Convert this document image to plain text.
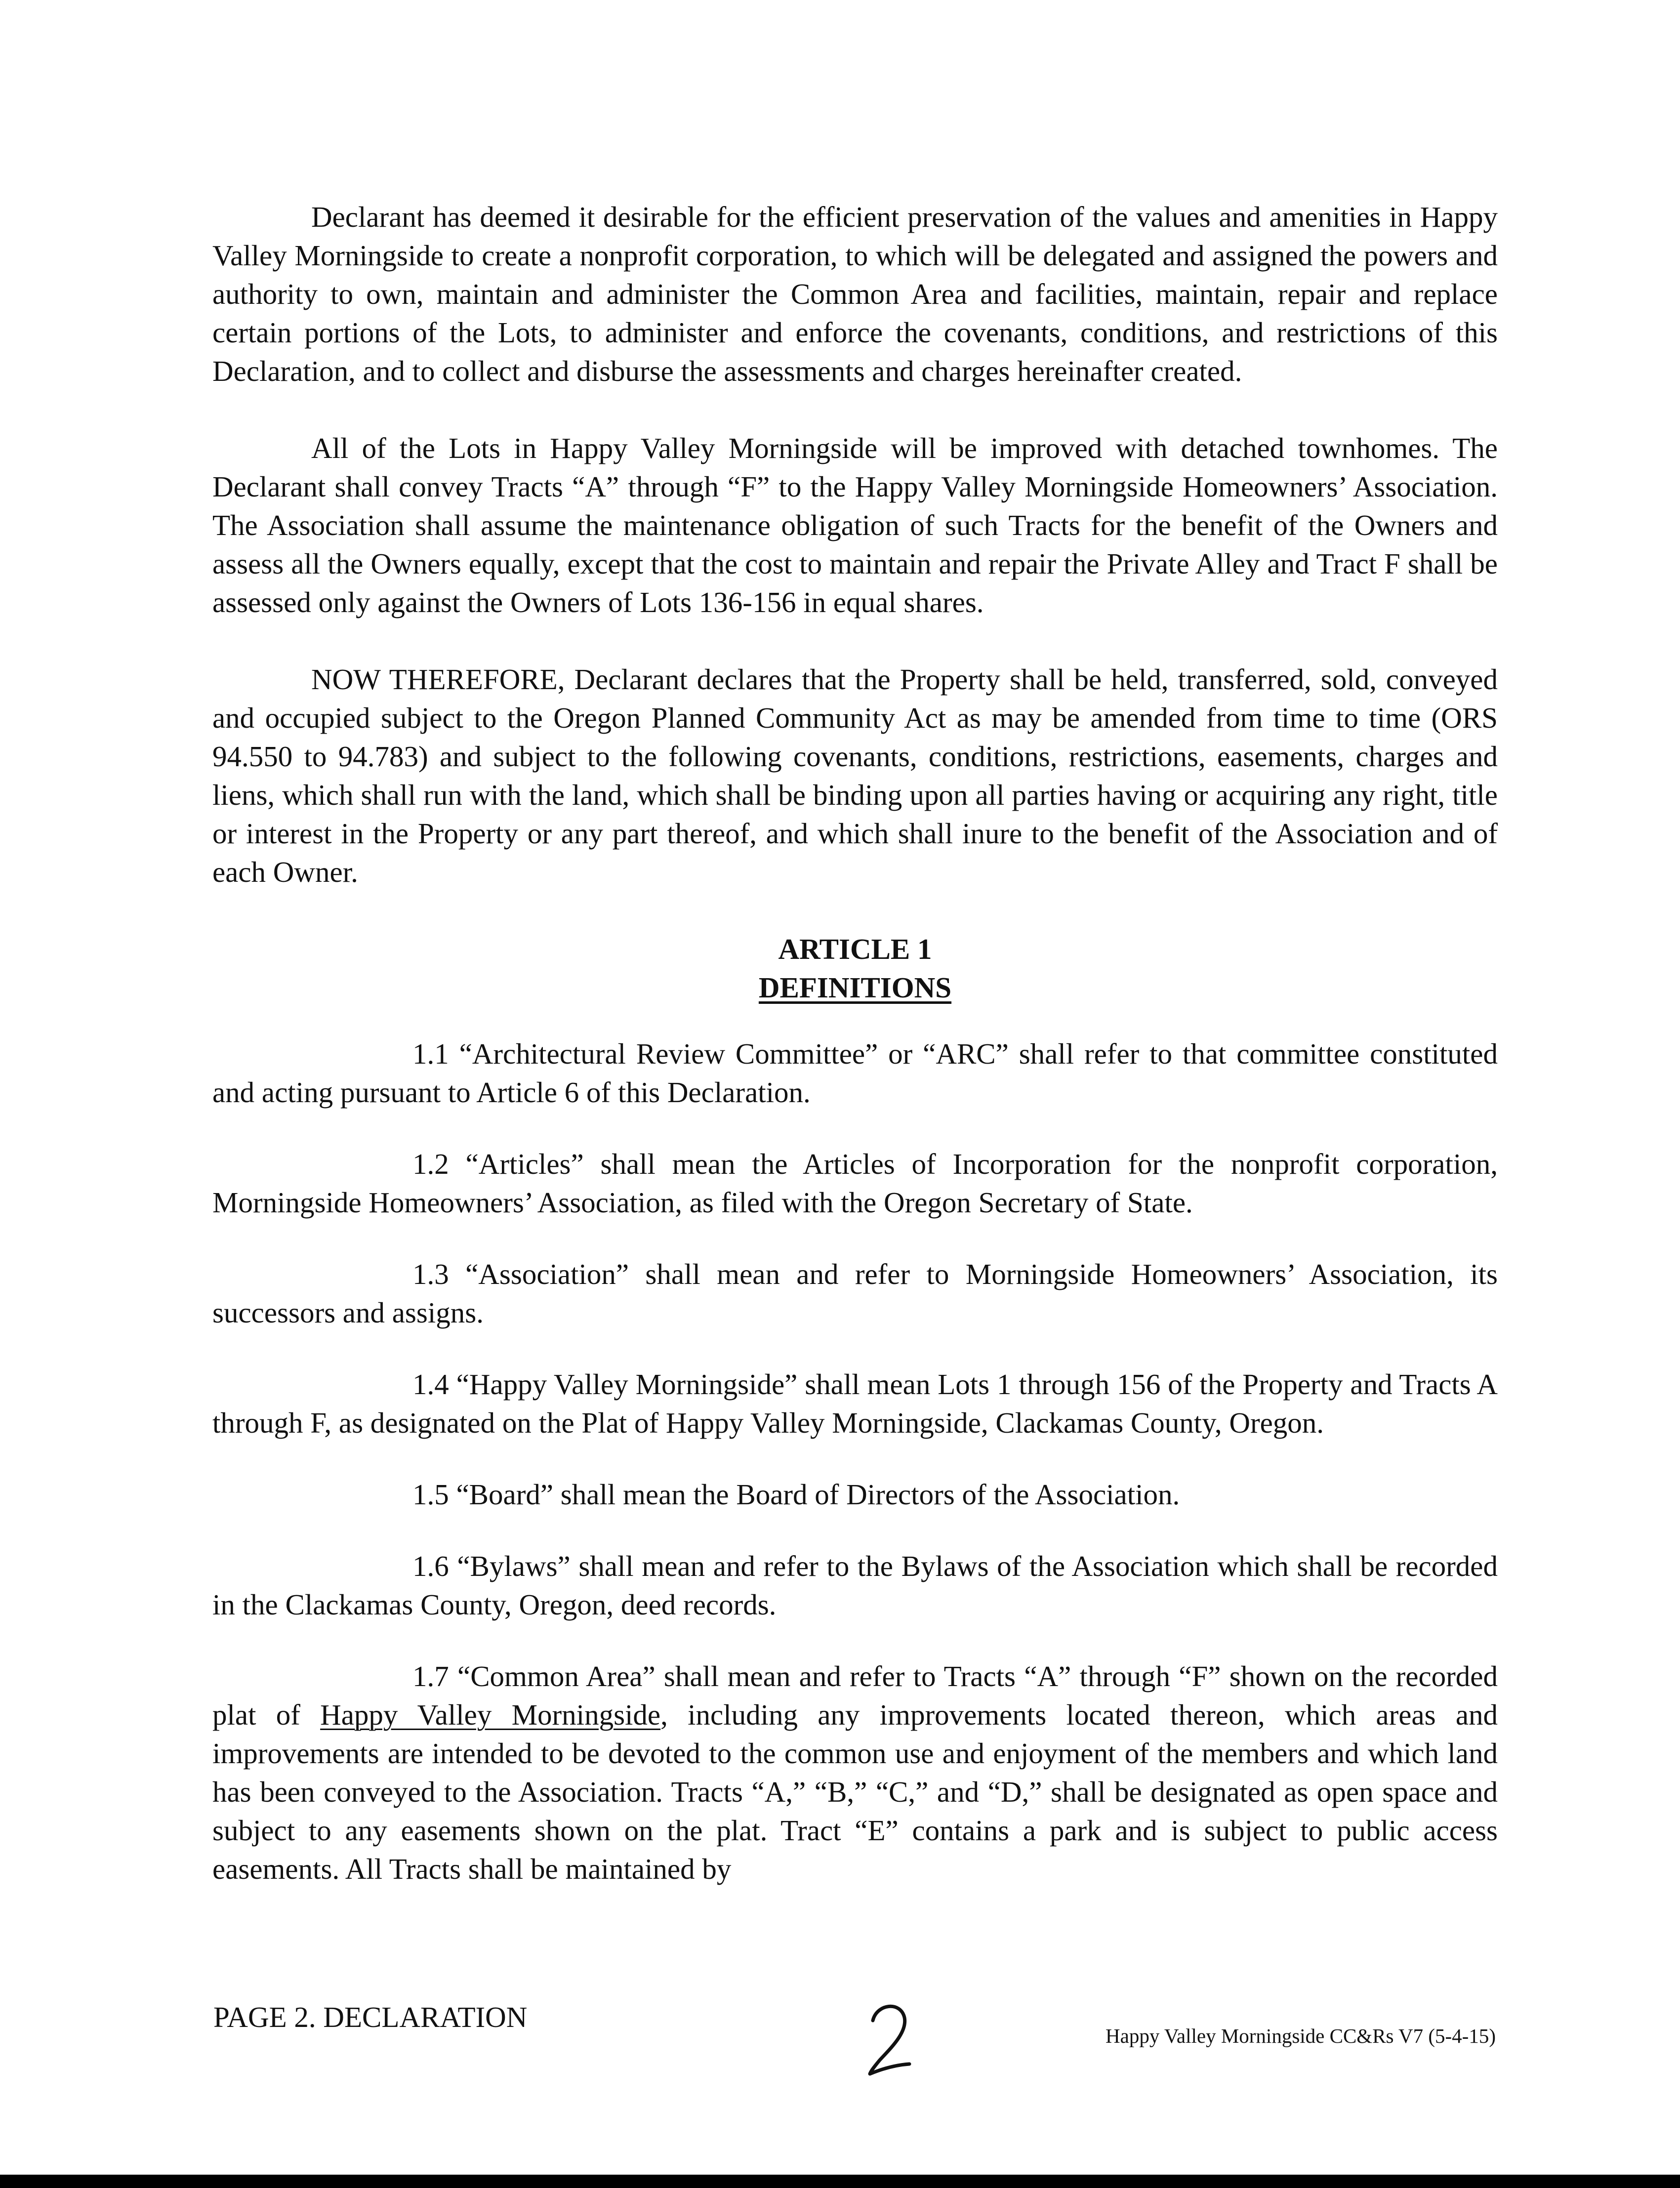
Declarant has deemed it desirable for the efficient preservation of the values and amenities in Happy Valley Morningside to create a nonprofit corporation, to which will be delegated and assigned the powers and authority to own, maintain and administer the Common Area and facilities, maintain, repair and replace certain portions of the Lots, to administer and enforce the covenants, conditions, and restrictions of this Declaration, and to collect and disburse the assessments and charges hereinafter created.

All of the Lots in Happy Valley Morningside will be improved with detached townhomes. The Declarant shall convey Tracts “A” through “F” to the Happy Valley Morningside Homeowners’ Association. The Association shall assume the maintenance obligation of such Tracts for the benefit of the Owners and assess all the Owners equally, except that the cost to maintain and repair the Private Alley and Tract F shall be assessed only against the Owners of Lots 136-156 in equal shares.

NOW THEREFORE, Declarant declares that the Property shall be held, transferred, sold, conveyed and occupied subject to the Oregon Planned Community Act as may be amended from time to time (ORS 94.550 to 94.783) and subject to the following covenants, conditions, restrictions, easements, charges and liens, which shall run with the land, which shall be binding upon all parties having or acquiring any right, title or interest in the Property or any part thereof, and which shall inure to the benefit of the Association and of each Owner.

ARTICLE 1
DEFINITIONS

1.1 “Architectural Review Committee” or “ARC” shall refer to that committee constituted and acting pursuant to Article 6 of this Declaration.

1.2 “Articles” shall mean the Articles of Incorporation for the nonprofit corporation, Morningside Homeowners’ Association, as filed with the Oregon Secretary of State.

1.3 “Association” shall mean and refer to Morningside Homeowners’ Association, its successors and assigns.

1.4 “Happy Valley Morningside” shall mean Lots 1 through 156 of the Property and Tracts A through F, as designated on the Plat of Happy Valley Morningside, Clackamas County, Oregon.

1.5 “Board” shall mean the Board of Directors of the Association.

1.6 “Bylaws” shall mean and refer to the Bylaws of the Association which shall be recorded in the Clackamas County, Oregon, deed records.

1.7 “Common Area” shall mean and refer to Tracts “A” through “F” shown on the recorded plat of Happy Valley Morningside, including any improvements located thereon, which areas and improvements are intended to be devoted to the common use and enjoyment of the members and which land has been conveyed to the Association. Tracts “A,” “B,” “C,” and “D,” shall be designated as open space and subject to any easements shown on the plat. Tract “E” contains a park and is subject to public access easements. All Tracts shall be maintained by

PAGE 2. DECLARATION
Happy Valley Morningside CC&Rs V7 (5-4-15)
